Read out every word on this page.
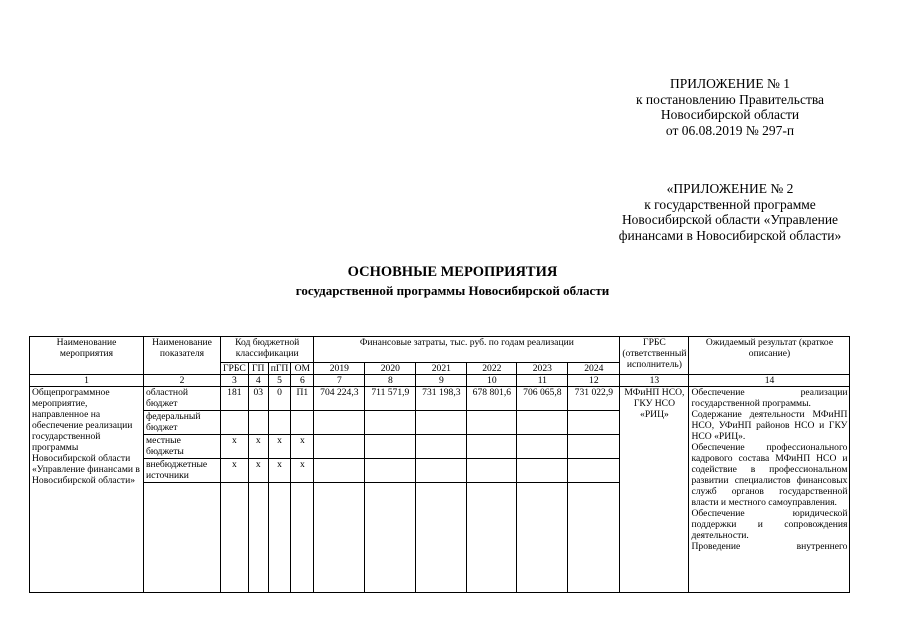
ПРИЛОЖЕНИЕ № 1
к постановлению Правительства
Новосибирской области
от 06.08.2019 № 297-п
«ПРИЛОЖЕНИЕ № 2
к государственной программе
Новосибирской области «Управление
финансами в Новосибирской области»
ОСНОВНЫЕ МЕРОПРИЯТИЯ
государственной программы Новосибирской области
Наименование мероприятия	Наименование показателя	Код бюджетной классификации				Финансовые затраты, тыс. руб. по годам реализации						ГРБС (ответственный исполнитель)	Ожидаемый результат (краткое описание)
		ГРБС	ГП	пГП	ОМ	2019	2020	2021	2022	2023	2024		
1	2	3	4	5	6	7	8	9	10	11	12	13	14
Общепрограммное мероприятие, направленное на обеспечение реализации государственной программы Новосибирской области «Управление финансами в Новосибирской области»	областной бюджет	181	03	0	П1	704 224,3	711 571,9	731 198,3	678 801,6	706 065,8	731 022,9	МФиНП НСО, ГКУ НСО «РИЦ»	Обеспечение реализации государственной программы.

Содержание деятельности МФиНП НСО, УФиНП районов НСО и ГКУ НСО «РИЦ».

Обеспечение профессионального кадрового состава МФиНП НСО и содействие в профессиональном развитии специалистов финансовых служб органов государственной власти и местного самоуправления.

Обеспечение юридической поддержки и сопровождения деятельности.

Проведение внутреннего

	федеральный бюджет												
	местные бюджеты	х	х	х	х								
	внебюджетные источники	х	х	х	х								
